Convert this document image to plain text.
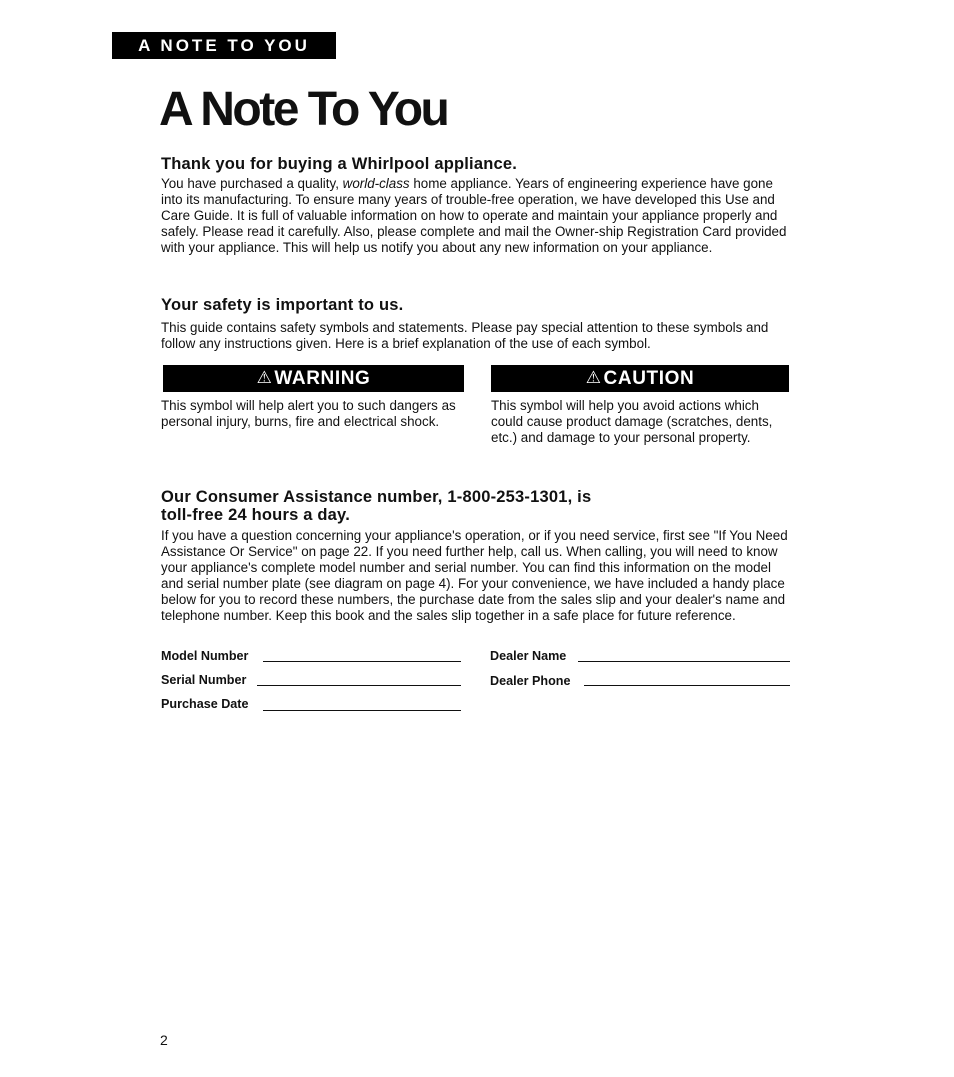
A NOTE TO YOU
A Note To You
Thank you for buying a Whirlpool appliance.

You have purchased a quality, world-class home appliance. Years of engineering experience have gone into its manufacturing. To ensure many years of trouble-free operation, we have developed this Use and Care Guide. It is full of valuable information on how to operate and maintain your appliance properly and safely. Please read it carefully. Also, please complete and mail the Owner-ship Registration Card provided with your appliance. This will help us notify you about any new information on your appliance.

Your safety is important to us.

This guide contains safety symbols and statements. Please pay special attention to these symbols and follow any instructions given. Here is a brief explanation of the use of each symbol.

⚠ WARNING

This symbol will help alert you to such dangers as personal injury, burns, fire and electrical shock.

⚠ CAUTION

This symbol will help you avoid actions which could cause product damage (scratches, dents, etc.) and damage to your personal property.

Our Consumer Assistance number, 1-800-253-1301, is
toll-free 24 hours a day.

If you have a question concerning your appliance's operation, or if you need service, first see "If You Need Assistance Or Service" on page 22. If you need further help, call us. When calling, you will need to know your appliance's complete model number and serial number. You can find this information on the model and serial number plate (see diagram on page 4). For your convenience, we have included a handy place below for you to record these numbers, the purchase date from the sales slip and your dealer's name and telephone number. Keep this book and the sales slip together in a safe place for future reference.

Model Number
Serial Number
Purchase Date
Dealer Name
Dealer Phone
2
